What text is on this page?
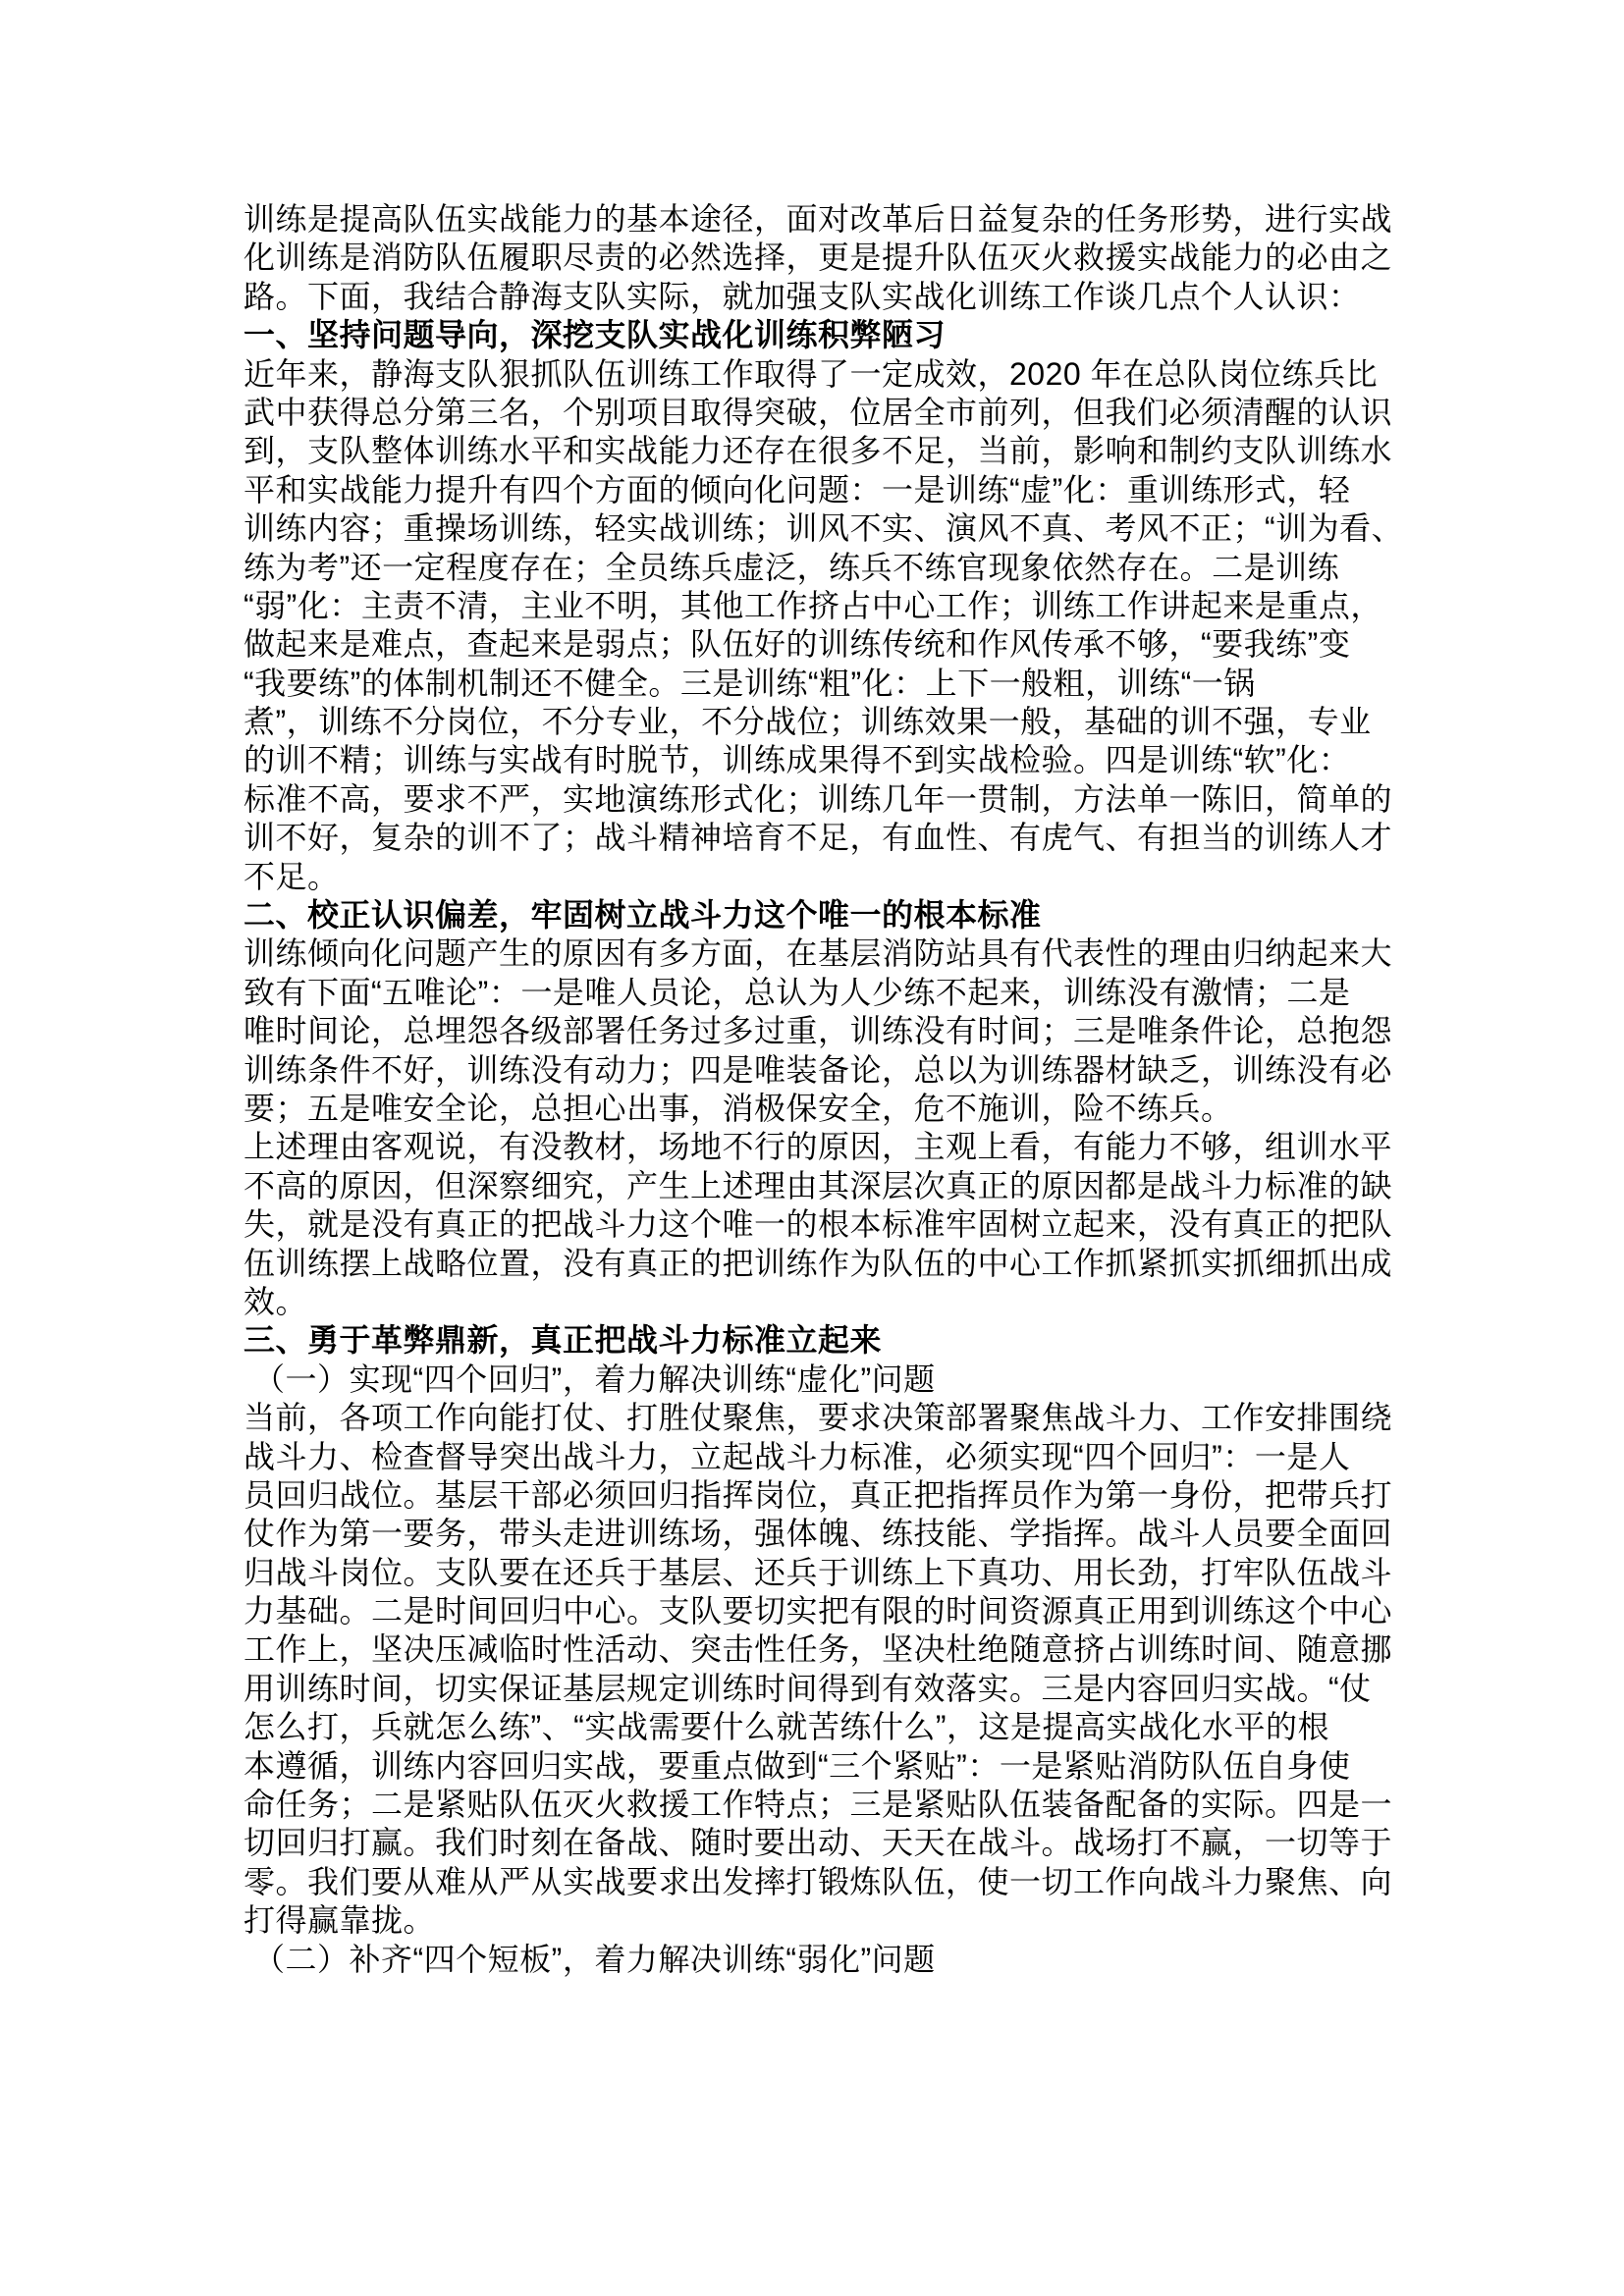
训练是提高队伍实战能力的基本途径，面对改革后日益复杂的任务形势，进行实战
化训练是消防队伍履职尽责的必然选择，更是提升队伍灭火救援实战能力的必由之
路。下面，我结合静海支队实际，就加强支队实战化训练工作谈几点个人认识：
一、坚持问题导向，深挖支队实战化训练积弊陋习
近年来，静海支队狠抓队伍训练工作取得了一定成效，2020 年在总队岗位练兵比
武中获得总分第三名，个别项目取得突破，位居全市前列，但我们必须清醒的认识
到，支队整体训练水平和实战能力还存在很多不足，当前，影响和制约支队训练水
平和实战能力提升有四个方面的倾向化问题：一是训练“虚”化：重训练形式，轻
训练内容；重操场训练，轻实战训练；训风不实、演风不真、考风不正；“训为看、
练为考”还一定程度存在；全员练兵虚泛，练兵不练官现象依然存在。二是训练
“弱”化：主责不清，主业不明，其他工作挤占中心工作；训练工作讲起来是重点，
做起来是难点，查起来是弱点；队伍好的训练传统和作风传承不够，“要我练”变
“我要练”的体制机制还不健全。三是训练“粗”化：上下一般粗，训练“一锅
煮”，训练不分岗位，不分专业，不分战位；训练效果一般，基础的训不强，专业
的训不精；训练与实战有时脱节，训练成果得不到实战检验。四是训练“软”化：
标准不高，要求不严，实地演练形式化；训练几年一贯制，方法单一陈旧，简单的
训不好，复杂的训不了；战斗精神培育不足，有血性、有虎气、有担当的训练人才
不足。
二、校正认识偏差，牢固树立战斗力这个唯一的根本标准
训练倾向化问题产生的原因有多方面，在基层消防站具有代表性的理由归纳起来大
致有下面“五唯论”：一是唯人员论，总认为人少练不起来，训练没有激情；二是
唯时间论，总埋怨各级部署任务过多过重，训练没有时间；三是唯条件论，总抱怨
训练条件不好，训练没有动力；四是唯装备论，总以为训练器材缺乏，训练没有必
要；五是唯安全论，总担心出事，消极保安全，危不施训，险不练兵。
上述理由客观说，有没教材，场地不行的原因，主观上看，有能力不够，组训水平
不高的原因，但深察细究，产生上述理由其深层次真正的原因都是战斗力标准的缺
失，就是没有真正的把战斗力这个唯一的根本标准牢固树立起来，没有真正的把队
伍训练摆上战略位置，没有真正的把训练作为队伍的中心工作抓紧抓实抓细抓出成
效。
三、勇于革弊鼎新，真正把战斗力标准立起来
（一）实现“四个回归”，着力解决训练“虚化”问题
当前，各项工作向能打仗、打胜仗聚焦，要求决策部署聚焦战斗力、工作安排围绕
战斗力、检查督导突出战斗力，立起战斗力标准，必须实现“四个回归”：一是人
员回归战位。基层干部必须回归指挥岗位，真正把指挥员作为第一身份，把带兵打
仗作为第一要务，带头走进训练场，强体魄、练技能、学指挥。战斗人员要全面回
归战斗岗位。支队要在还兵于基层、还兵于训练上下真功、用长劲，打牢队伍战斗
力基础。二是时间回归中心。支队要切实把有限的时间资源真正用到训练这个中心
工作上，坚决压减临时性活动、突击性任务，坚决杜绝随意挤占训练时间、随意挪
用训练时间，切实保证基层规定训练时间得到有效落实。三是内容回归实战。“仗
怎么打，兵就怎么练”、“实战需要什么就苦练什么”，这是提高实战化水平的根
本遵循，训练内容回归实战，要重点做到“三个紧贴”：一是紧贴消防队伍自身使
命任务；二是紧贴队伍灭火救援工作特点；三是紧贴队伍装备配备的实际。四是一
切回归打赢。我们时刻在备战、随时要出动、天天在战斗。战场打不赢，一切等于
零。我们要从难从严从实战要求出发摔打锻炼队伍，使一切工作向战斗力聚焦、向
打得赢靠拢。
（二）补齐“四个短板”，着力解决训练“弱化”问题
